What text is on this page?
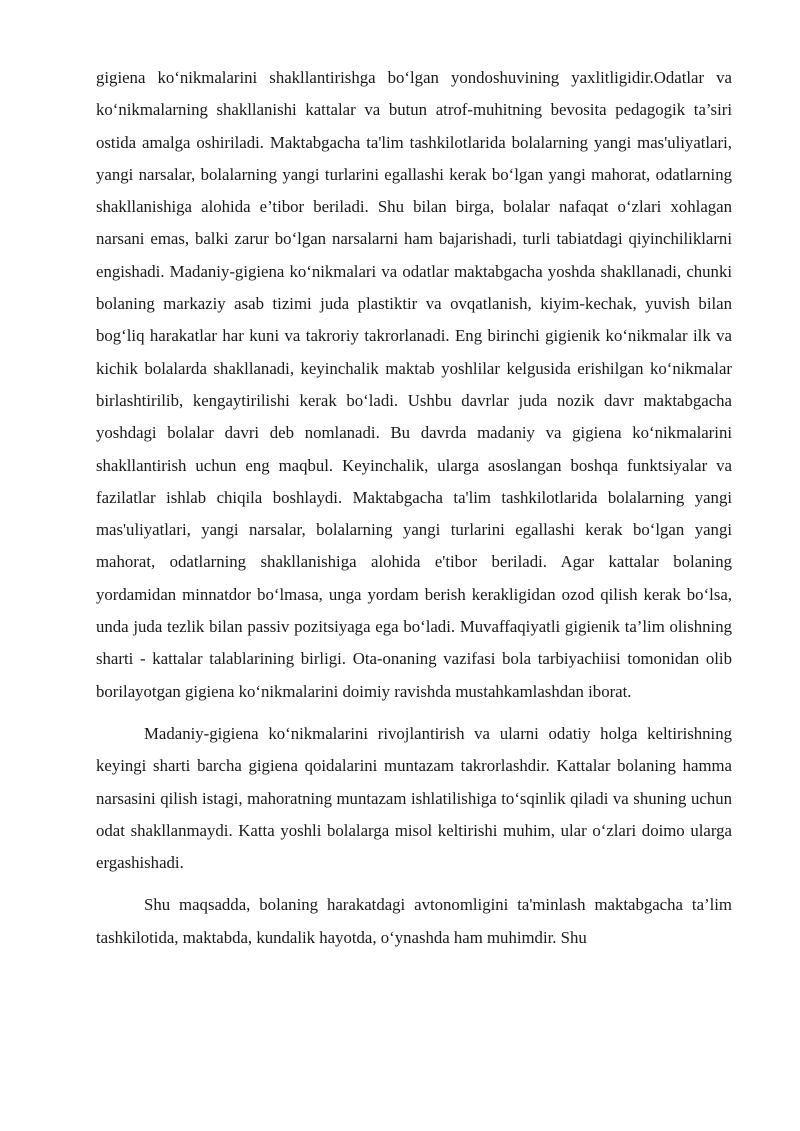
gigiena ko‘nikmalarini shakllantirishga bo‘lgan yondoshuvining yaxlitligidir.Odatlar va ko‘nikmalarning shakllanishi kattalar va butun atrof-muhitning bevosita pedagogik ta’siri ostida amalga oshiriladi. Maktabgacha ta'lim tashkilotlarida bolalarning yangi mas'uliyatlari, yangi narsalar, bolalarning yangi turlarini egallashi kerak bo‘lgan yangi mahorat, odatlarning shakllanishiga alohida e’tibor beriladi. Shu bilan birga, bolalar nafaqat o‘zlari xohlagan narsani emas, balki zarur bo‘lgan narsalarni ham bajarishadi, turli tabiatdagi qiyinchiliklarni engishadi. Madaniy-gigiena ko‘nikmalari va odatlar maktabgacha yoshda shakllanadi, chunki bolaning markaziy asab tizimi juda plastiktir va ovqatlanish, kiyim-kechak, yuvish bilan bog‘liq harakatlar har kuni va takroriy takrorlanadi. Eng birinchi gigienik ko‘nikmalar ilk va kichik bolalarda shakllanadi, keyinchalik maktab yoshlilar kelgusida erishilgan ko‘nikmalar birlashtirilib, kengaytirilishi kerak bo‘ladi. Ushbu davrlar juda nozik davr maktabgacha yoshdagi bolalar davri deb nomlanadi. Bu davrda madaniy va gigiena ko‘nikmalarini shakllantirish uchun eng maqbul. Keyinchalik, ularga asoslangan boshqa funktsiyalar va fazilatlar ishlab chiqila boshlaydi. Maktabgacha ta'lim tashkilotlarida bolalarning yangi mas'uliyatlari, yangi narsalar, bolalarning yangi turlarini egallashi kerak bo‘lgan yangi mahorat, odatlarning shakllanishiga alohida e'tibor beriladi. Agar kattalar bolaning yordamidan minnatdor bo‘lmasa, unga yordam berish kerakligidan ozod qilish kerak bo‘lsa, unda juda tezlik bilan passiv pozitsiyaga ega bo‘ladi. Muvaffaqiyatli gigienik ta’lim olishning sharti - kattalar talablarining birligi. Ota-onaning vazifasi bola tarbiyachiisi tomonidan olib borilayotgan gigiena ko‘nikmalarini doimiy ravishda mustahkamlashdan iborat.

Madaniy-gigiena ko‘nikmalarini rivojlantirish va ularni odatiy holga keltirishning keyingi sharti barcha gigiena qoidalarini muntazam takrorlashdir. Kattalar bolaning hamma narsasini qilish istagi, mahoratning muntazam ishlatilishiga to‘sqinlik qiladi va shuning uchun odat shakllanmaydi. Katta yoshli bolalarga misol keltirishi muhim, ular o‘zlari doimo ularga ergashishadi.

Shu maqsadda, bolaning harakatdagi avtonomligini ta'minlash maktabgacha ta’lim tashkilotida, maktabda, kundalik hayotda, o‘ynashda ham muhimdir. Shu
